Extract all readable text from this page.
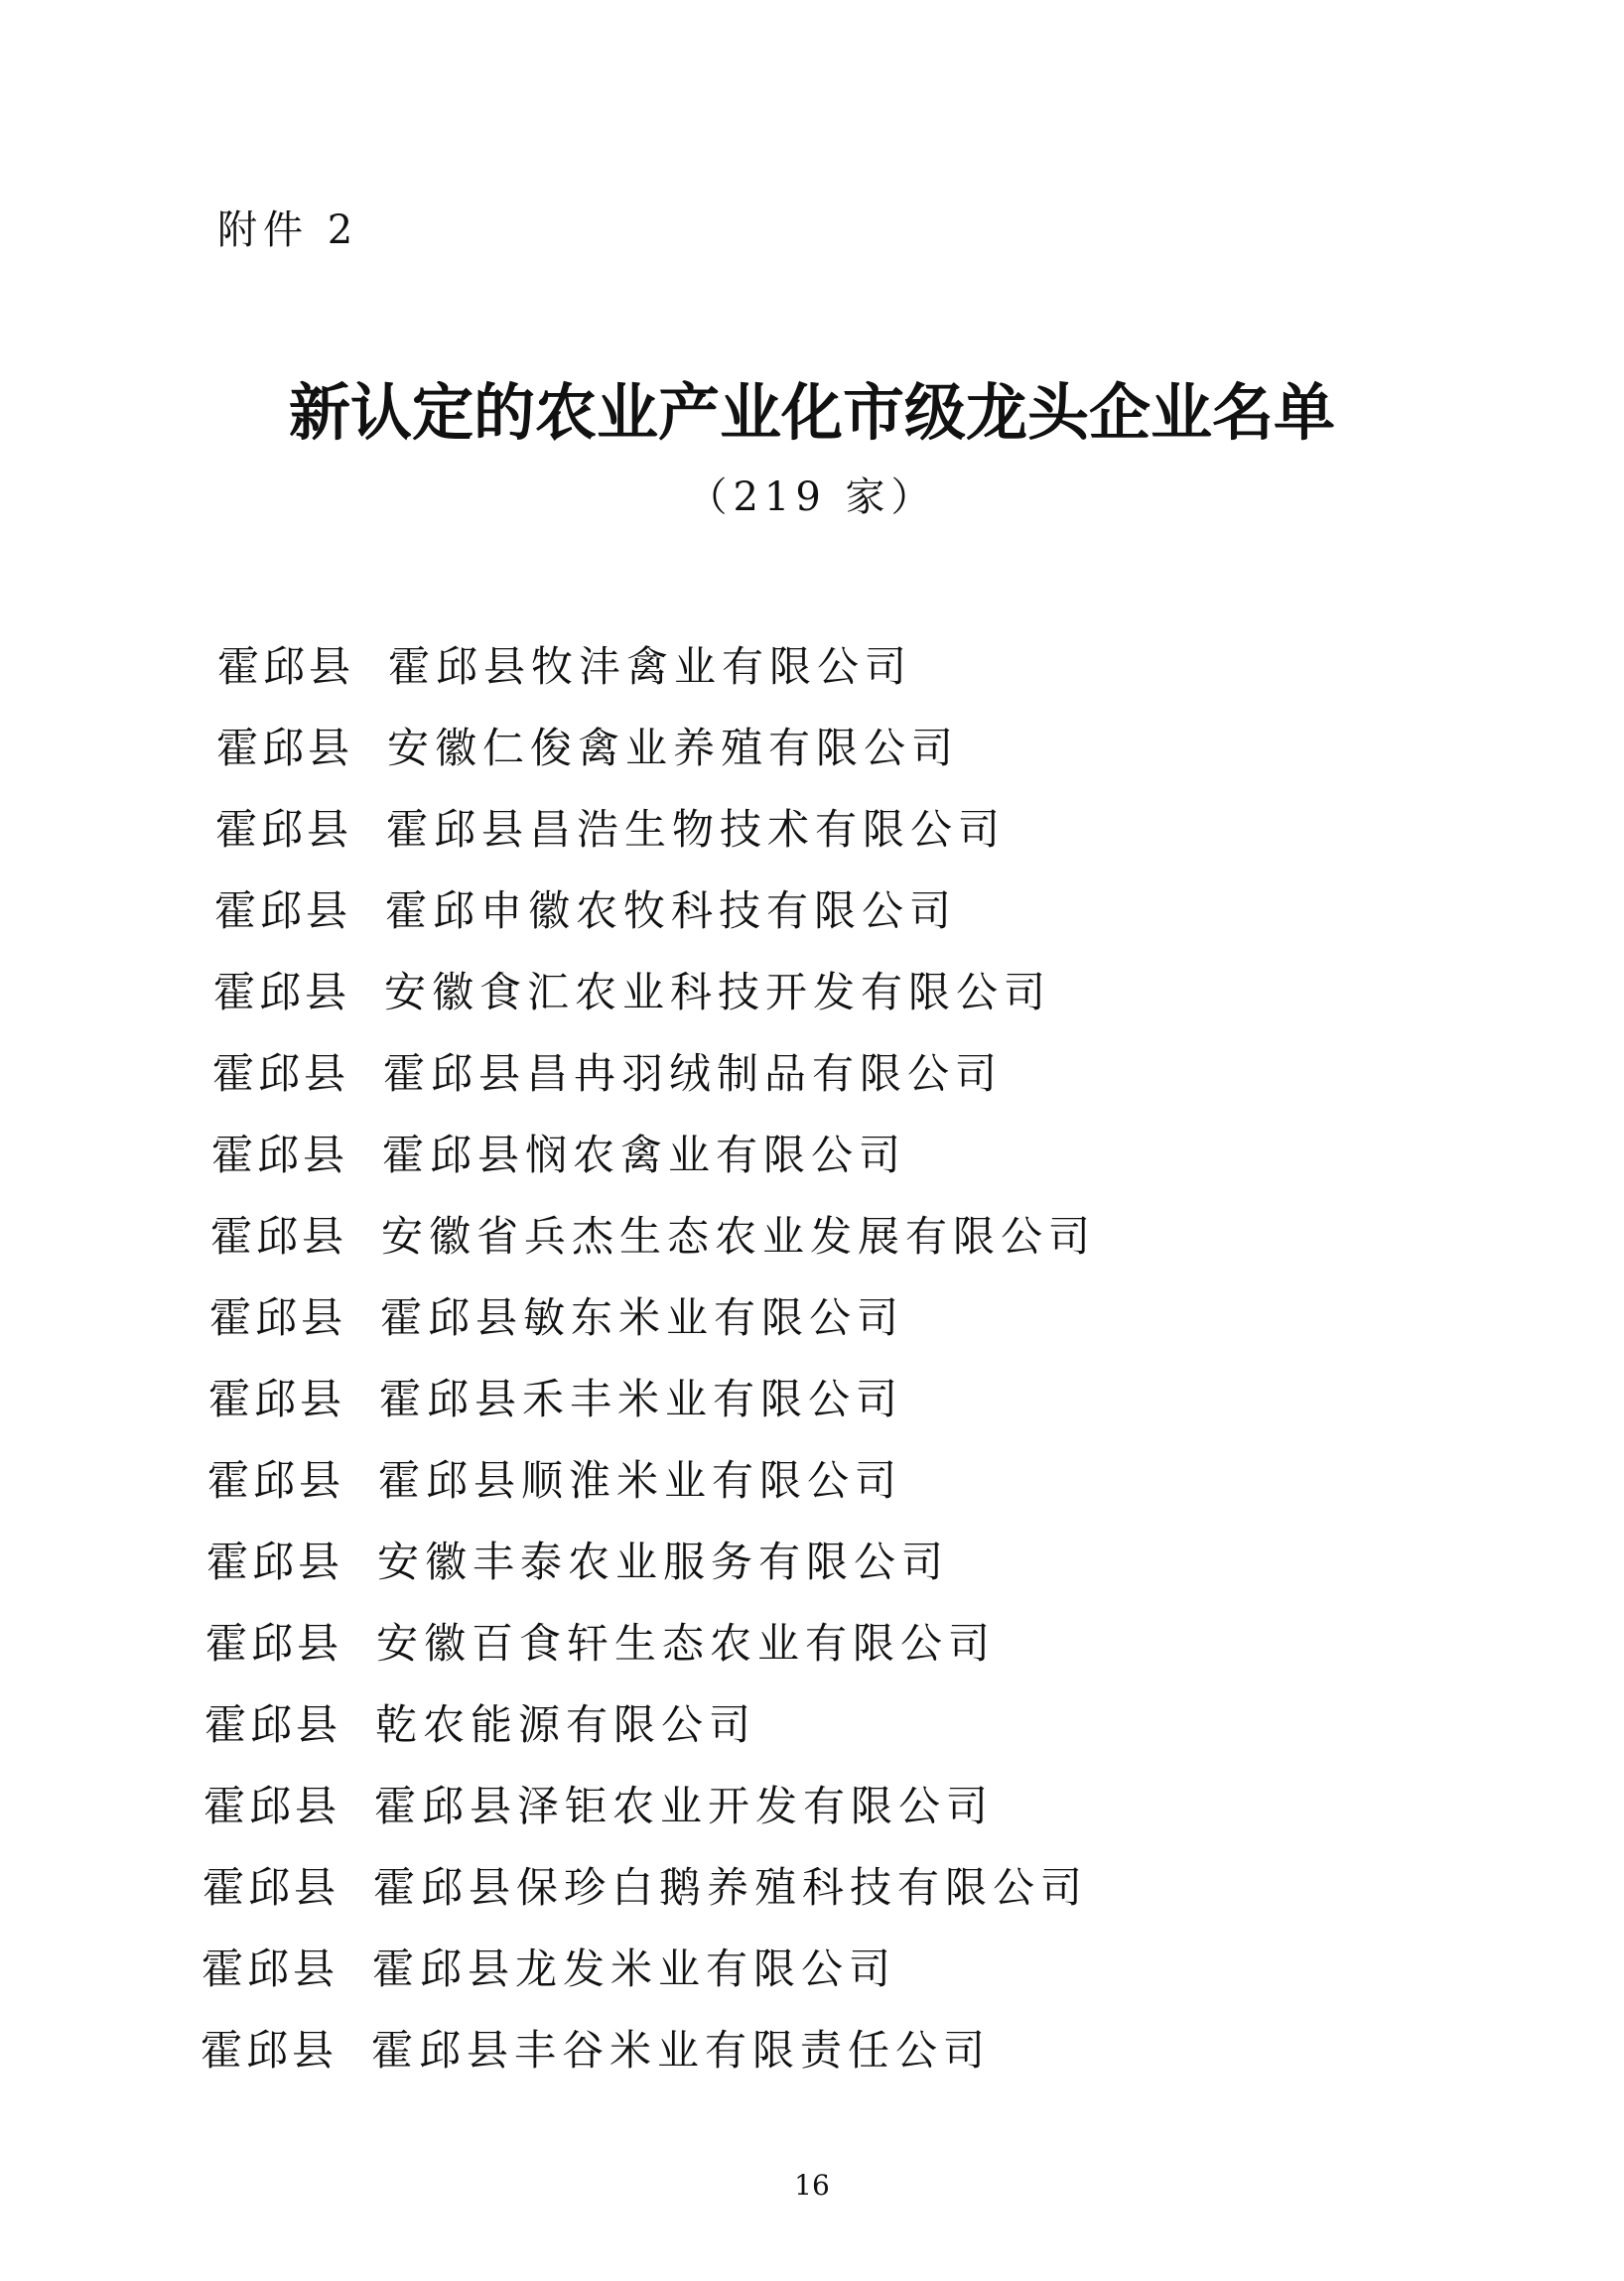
附件 2
新认定的农业产业化市级龙头企业名单
（219 家）
霍邱县 霍邱县牧沣禽业有限公司
霍邱县 安徽仁俊禽业养殖有限公司
霍邱县 霍邱县昌浩生物技术有限公司
霍邱县 霍邱申徽农牧科技有限公司
霍邱县 安徽食汇农业科技开发有限公司
霍邱县 霍邱县昌冉羽绒制品有限公司
霍邱县 霍邱县悯农禽业有限公司
霍邱县 安徽省兵杰生态农业发展有限公司
霍邱县 霍邱县敏东米业有限公司
霍邱县 霍邱县禾丰米业有限公司
霍邱县 霍邱县顺淮米业有限公司
霍邱县 安徽丰泰农业服务有限公司
霍邱县 安徽百食轩生态农业有限公司
霍邱县 乾农能源有限公司
霍邱县 霍邱县泽钜农业开发有限公司
霍邱县 霍邱县保珍白鹅养殖科技有限公司
霍邱县 霍邱县龙发米业有限公司
霍邱县 霍邱县丰谷米业有限责任公司
16
